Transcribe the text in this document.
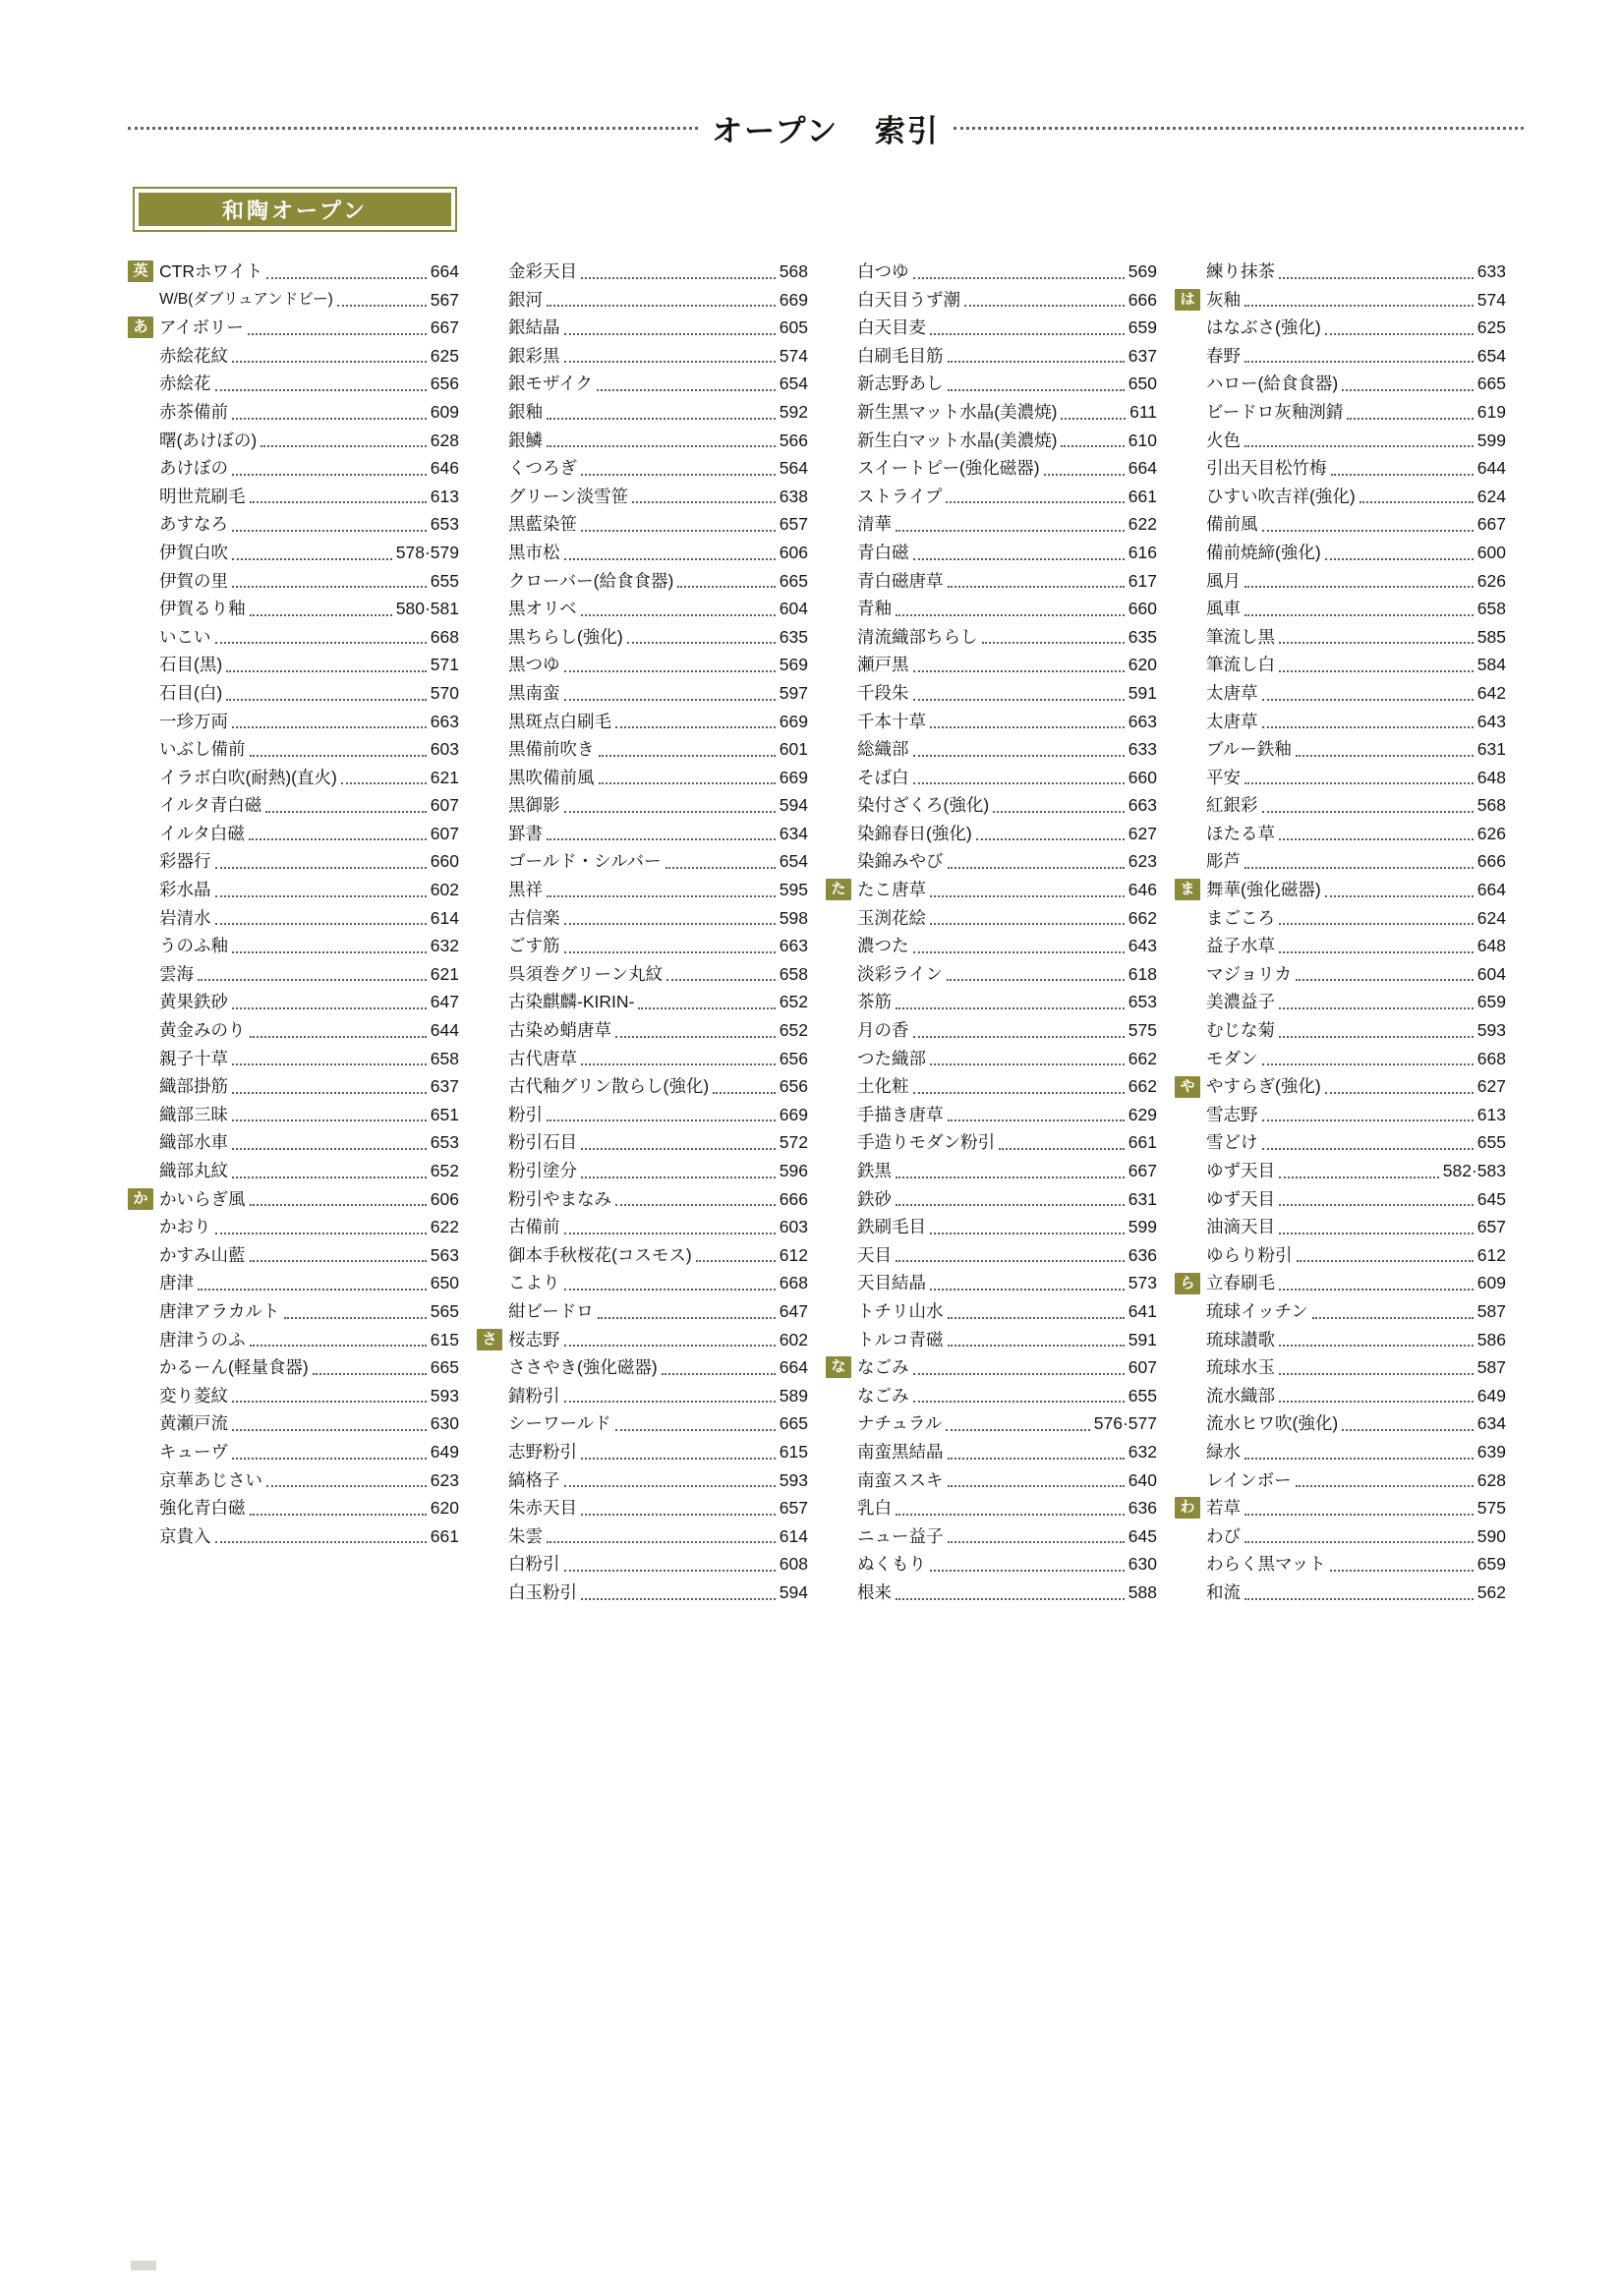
オープン 索引
和陶オープン
英 CTRホワイト	664
W/B(ダブリュアンドビー)	567
あ アイボリー	667
赤絵花紋	625
赤絵花	656
赤茶備前	609
曙(あけぼの)	628
あけぼの	646
明世荒刷毛	613
あすなろ	653
伊賀白吹	578·579
伊賀の里	655
伊賀るり釉	580·581
いこい	668
石目(黒)	571
石目(白)	570
一珍万両	663
いぶし備前	603
イラボ白吹(耐熱)(直火)	621
イルタ青白磁	607
イルタ白磁	607
彩器行	660
彩水晶	602
岩清水	614
うのふ釉	632
雲海	621
黄果鉄砂	647
黄金みのり	644
親子十草	658
織部掛筋	637
織部三昧	651
織部水車	653
織部丸紋	652
か かいらぎ風	606
かおり	622
かすみ山藍	563
唐津	650
唐津アラカルト	565
唐津うのふ	615
かるーん(軽量食器)	665
変り菱紋	593
黄瀬戸流	630
キューヴ	649
京華あじさい	623
強化青白磁	620
京貴入	661
金彩天目	568
銀河	669
銀結晶	605
銀彩黒	574
銀モザイク	654
銀釉	592
銀鱗	566
くつろぎ	564
グリーン淡雪笹	638
黒藍染笹	657
黒市松	606
クローバー(給食食器)	665
黒オリベ	604
黒ちらし(強化)	635
黒つゆ	569
黒南蛮	597
黒斑点白刷毛	669
黒備前吹き	601
黒吹備前風	669
黒御影	594
罫書	634
ゴールド・シルバー	654
黒祥	595
古信楽	598
ごす筋	663
呉須巻グリーン丸紋	658
古染麒麟-KIRIN-	652
古染め蛸唐草	652
古代唐草	656
古代釉グリン散らし(強化)	656
粉引	669
粉引石目	572
粉引塗分	596
粉引やまなみ	666
古備前	603
御本手秋桜花(コスモス)	612
こより	668
紺ビードロ	647
さ 桜志野	602
ささやき(強化磁器)	664
錆粉引	589
シーワールド	665
志野粉引	615
縞格子	593
朱赤天目	657
朱雲	614
白粉引	608
白玉粉引	594
白つゆ	569
白天目うず潮	666
白天目麦	659
白刷毛目筋	637
新志野あし	650
新生黒マット水晶(美濃焼)	611
新生白マット水晶(美濃焼)	610
スイートピー(強化磁器)	664
ストライプ	661
清華	622
青白磁	616
青白磁唐草	617
青釉	660
清流織部ちらし	635
瀬戸黒	620
千段朱	591
千本十草	663
総織部	633
そば白	660
染付ざくろ(強化)	663
染錦春日(強化)	627
染錦みやび	623
た たこ唐草	646
玉渕花絵	662
濃つた	643
淡彩ライン	618
茶筋	653
月の香	575
つた織部	662
土化粧	662
手描き唐草	629
手造りモダン粉引	661
鉄黒	667
鉄砂	631
鉄刷毛目	599
天目	636
天目結晶	573
トチリ山水	641
トルコ青磁	591
な なごみ	607
なごみ	655
ナチュラル	576·577
南蛮黒結晶	632
南蛮ススキ	640
乳白	636
ニュー益子	645
ぬくもり	630
根来	588
練り抹茶	633
は 灰釉	574
はなぶさ(強化)	625
春野	654
ハロー(給食食器)	665
ビードロ灰釉渕錆	619
火色	599
引出天目松竹梅	644
ひすい吹吉祥(強化)	624
備前風	667
備前焼締(強化)	600
風月	626
風車	658
筆流し黒	585
筆流し白	584
太唐草	642
太唐草	643
ブルー鉄釉	631
平安	648
紅銀彩	568
ほたる草	626
彫芦	666
ま 舞華(強化磁器)	664
まごころ	624
益子水草	648
マジョリカ	604
美濃益子	659
むじな菊	593
モダン	668
や やすらぎ(強化)	627
雪志野	613
雪どけ	655
ゆず天目	582·583
ゆず天目	645
油滴天目	657
ゆらり粉引	612
ら 立春刷毛	609
琉球イッチン	587
琉球讃歌	586
琉球水玉	587
流水織部	649
流水ヒワ吹(強化)	634
緑水	639
レインボー	628
わ 若草	575
わび	590
わらく黒マット	659
和流	562
